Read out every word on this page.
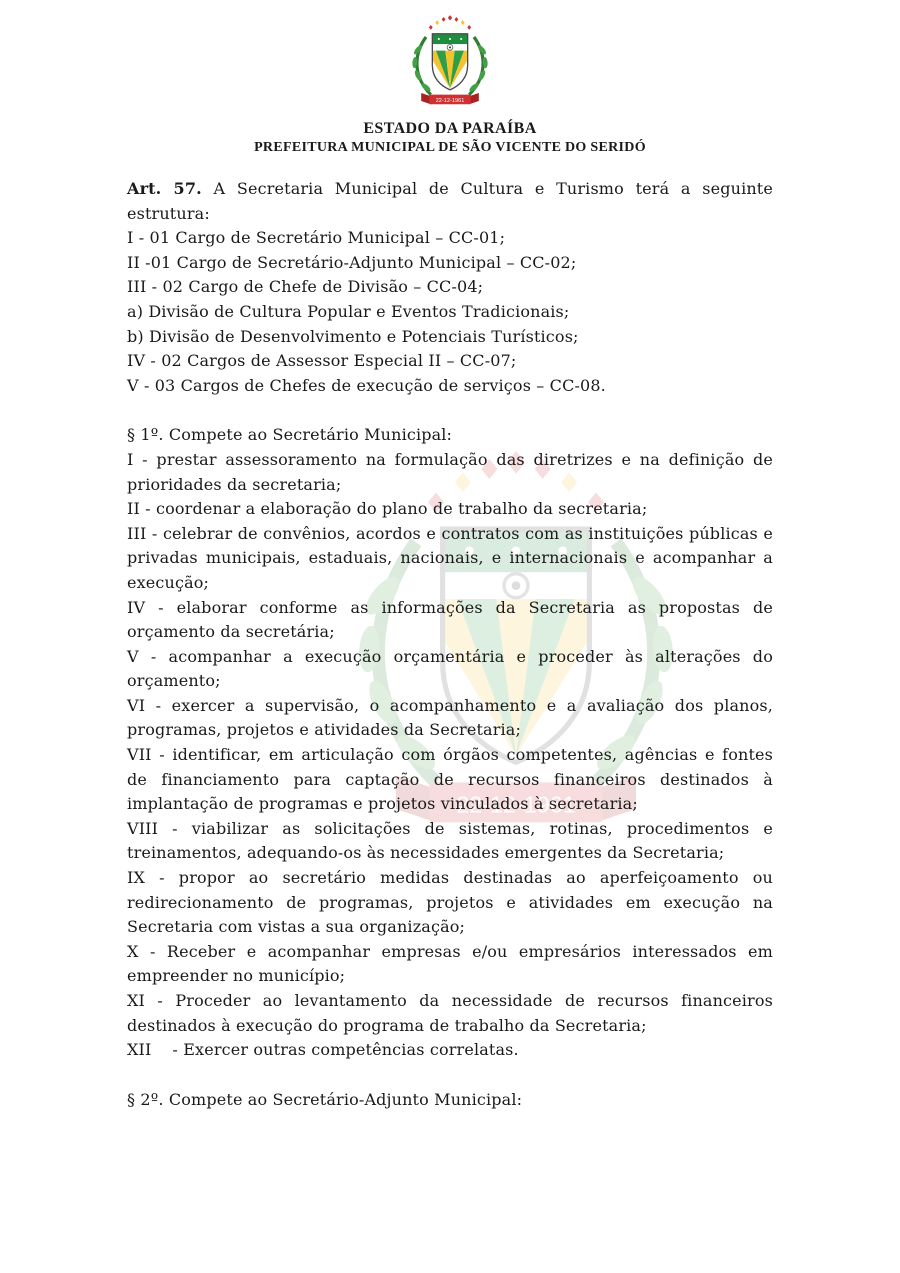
ESTADO DA PARAÍBA
PREFEITURA MUNICIPAL DE SÃO VICENTE DO SERIDÓ

Art. 57. A Secretaria Municipal de Cultura e Turismo terá a seguinte estrutura:

I - 01 Cargo de Secretário Municipal – CC-01;

II -01 Cargo de Secretário-Adjunto Municipal – CC-02;

III - 02 Cargo de Chefe de Divisão – CC-04;

a) Divisão de Cultura Popular e Eventos Tradicionais;

b) Divisão de Desenvolvimento e Potenciais Turísticos;

IV - 02 Cargos de Assessor Especial II – CC-07;

V - 03 Cargos de Chefes de execução de serviços – CC-08.

§ 1º. Compete ao Secretário Municipal:

I - prestar assessoramento na formulação das diretrizes e na definição de prioridades da secretaria;

II - coordenar a elaboração do plano de trabalho da secretaria;

III - celebrar de convênios, acordos e contratos com as instituições públicas e privadas municipais, estaduais, nacionais, e internacionais e acompanhar a execução;

IV - elaborar conforme as informações da Secretaria as propostas de orçamento da secretária;

V - acompanhar a execução orçamentária e proceder às alterações do orçamento;

VI - exercer a supervisão, o acompanhamento e a avaliação dos planos, programas, projetos e atividades da Secretaria;

VII - identificar, em articulação com órgãos competentes, agências e fontes de financiamento para captação de recursos financeiros destinados à implantação de programas e projetos vinculados à secretaria;

VIII - viabilizar as solicitações de sistemas, rotinas, procedimentos e treinamentos, adequando-os às necessidades emergentes da Secretaria;

IX - propor ao secretário medidas destinadas ao aperfeiçoamento ou redirecionamento de programas, projetos e atividades em execução na Secretaria com vistas a sua organização;

X - Receber e acompanhar empresas e/ou empresários interessados em empreender no município;

XI - Proceder ao levantamento da necessidade de recursos financeiros destinados à execução do programa de trabalho da Secretaria;

XII    - Exercer outras competências correlatas.

§ 2º. Compete ao Secretário-Adjunto Municipal:
